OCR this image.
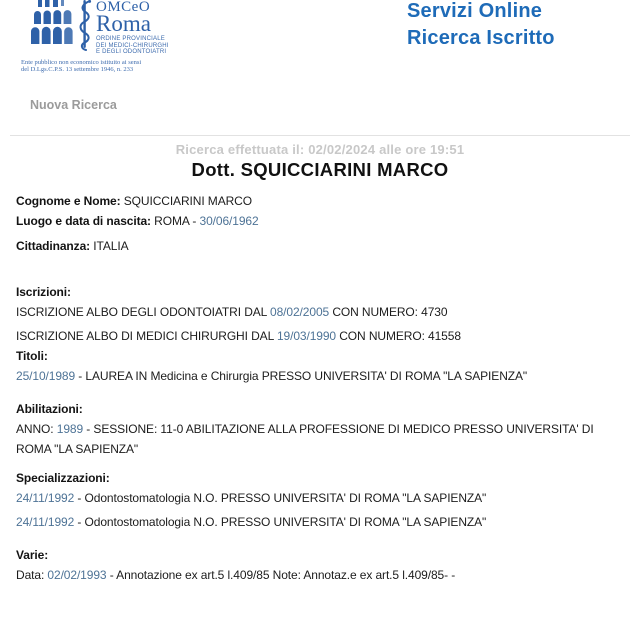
OMCeO
Roma
ORDINE PROVINCIALE
DEI MEDICI-CHIRURGHI
E DEGLI ODONTOIATRI
Ente pubblico non economico istituito ai sensi
del D.Lgs.C.P.S. 13 settembre 1946, n. 233
Servizi Online
Ricerca Iscritto
Nuova Ricerca
Ricerca effettuata il: 02/02/2024 alle ore 19:51
Dott. SQUICCIARINI MARCO

Cognome e Nome: SQUICCIARINI MARCO

Luogo e data di nascita: ROMA - 30/06/1962

Cittadinanza: ITALIA

Iscrizioni:

ISCRIZIONE ALBO DEGLI ODONTOIATRI DAL 08/02/2005 CON NUMERO: 4730

ISCRIZIONE ALBO DI MEDICI CHIRURGHI DAL 19/03/1990 CON NUMERO: 41558

Titoli:

25/10/1989 - LAUREA IN Medicina e Chirurgia PRESSO UNIVERSITA' DI ROMA "LA SAPIENZA"

Abilitazioni:

ANNO: 1989 - SESSIONE: 11-0 ABILITAZIONE ALLA PROFESSIONE DI MEDICO PRESSO UNIVERSITA' DI ROMA "LA SAPIENZA"

Specializzazioni:

24/11/1992 - Odontostomatologia N.O. PRESSO UNIVERSITA' DI ROMA "LA SAPIENZA"

24/11/1992 - Odontostomatologia N.O. PRESSO UNIVERSITA' DI ROMA "LA SAPIENZA"

Varie:

Data: 02/02/1993 - Annotazione ex art.5 l.409/85 Note: Annotaz.e ex art.5 l.409/85- -
